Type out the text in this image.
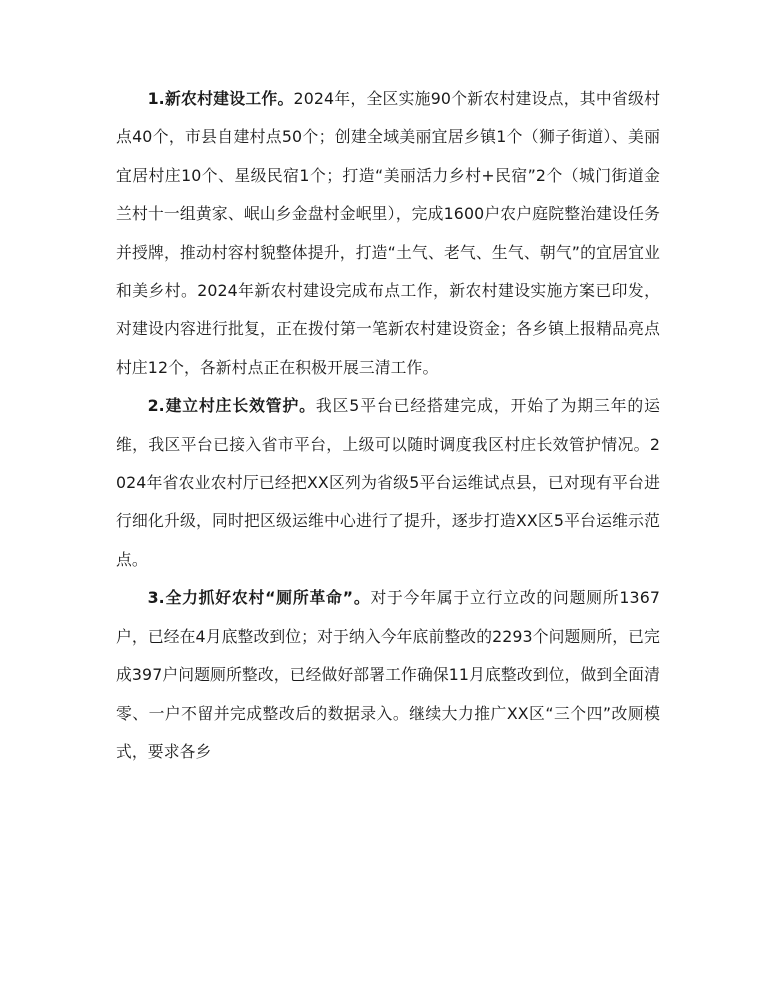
1.新农村建设工作。2024年，全区实施90个新农村建设点，其中省级村点40个，市县自建村点50个；创建全域美丽宜居乡镇1个（狮子街道）、美丽宜居村庄10个、星级民宿1个；打造“美丽活力乡村+民宿”2个（城门街道金兰村十一组黄家、岷山乡金盘村金岷里），完成1600户农户庭院整治建设任务并授牌，推动村容村貌整体提升，打造“土气、老气、生气、朝气”的宜居宜业和美乡村。2024年新农村建设完成布点工作，新农村建设实施方案已印发，对建设内容进行批复，正在拨付第一笔新农村建设资金；各乡镇上报精品亮点村庄12个，各新村点正在积极开展三清工作。

2.建立村庄长效管护。我区5平台已经搭建完成，开始了为期三年的运维，我区平台已接入省市平台，上级可以随时调度我区村庄长效管护情况。2024年省农业农村厅已经把XX区列为省级5平台运维试点县，已对现有平台进行细化升级，同时把区级运维中心进行了提升，逐步打造XX区5平台运维示范点。

3.全力抓好农村“厕所革命”。对于今年属于立行立改的问题厕所1367户，已经在4月底整改到位；对于纳入今年底前整改的2293个问题厕所，已完成397户问题厕所整改，已经做好部署工作确保11月底整改到位，做到全面清零、一户不留并完成整改后的数据录入。继续大力推广XX区“三个四”改厕模式，要求各乡
